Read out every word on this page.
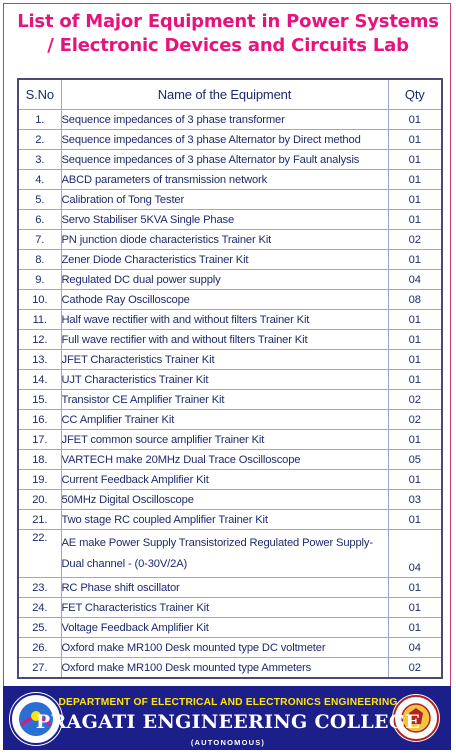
List of Major Equipment in Power Systems
/ Electronic Devices and Circuits Lab
S.No	Name of the Equipment	Qty
1.	Sequence impedances of 3 phase transformer	01
2.	Sequence impedances of 3 phase Alternator by Direct method	01
3.	Sequence impedances of 3 phase Alternator by Fault analysis	01
4.	ABCD parameters of transmission network	01
5.	Calibration of Tong Tester	01
6.	Servo Stabiliser 5KVA Single Phase	01
7.	PN junction diode characteristics Trainer Kit	02
8.	Zener Diode Characteristics Trainer Kit	01
9.	Regulated DC dual power supply	04
10.	Cathode Ray Oscilloscope	08
11.	Half wave rectifier with and without filters Trainer Kit	01
12.	Full wave rectifier with and without filters Trainer Kit	01
13.	JFET Characteristics Trainer Kit	01
14.	UJT Characteristics Trainer Kit	01
15.	Transistor CE Amplifier Trainer Kit	02
16.	CC Amplifier Trainer Kit	02
17.	JFET common source amplifier Trainer Kit	01
18.	VARTECH make 20MHz Dual Trace Oscilloscope	05
19.	Current Feedback Amplifier Kit	01
20.	50MHz Digital Oscilloscope	03
21.	Two stage RC coupled Amplifier Trainer Kit	01
22.	AE make Power Supply Transistorized Regulated Power Supply-Dual channel - (0-30V/2A)	04
23.	RC Phase shift oscillator	01
24.	FET Characteristics Trainer Kit	01
25.	Voltage Feedback Amplifier Kit	01
26.	Oxford make MR100 Desk mounted type DC voltmeter	04
27.	Oxford make MR100 Desk mounted type Ammeters	02
DEPARTMENT OF ELECTRICAL AND ELECTRONICS ENGINEERING
PRAGATI ENGINEERING COLLEGE
(AUTONOMOUS)
